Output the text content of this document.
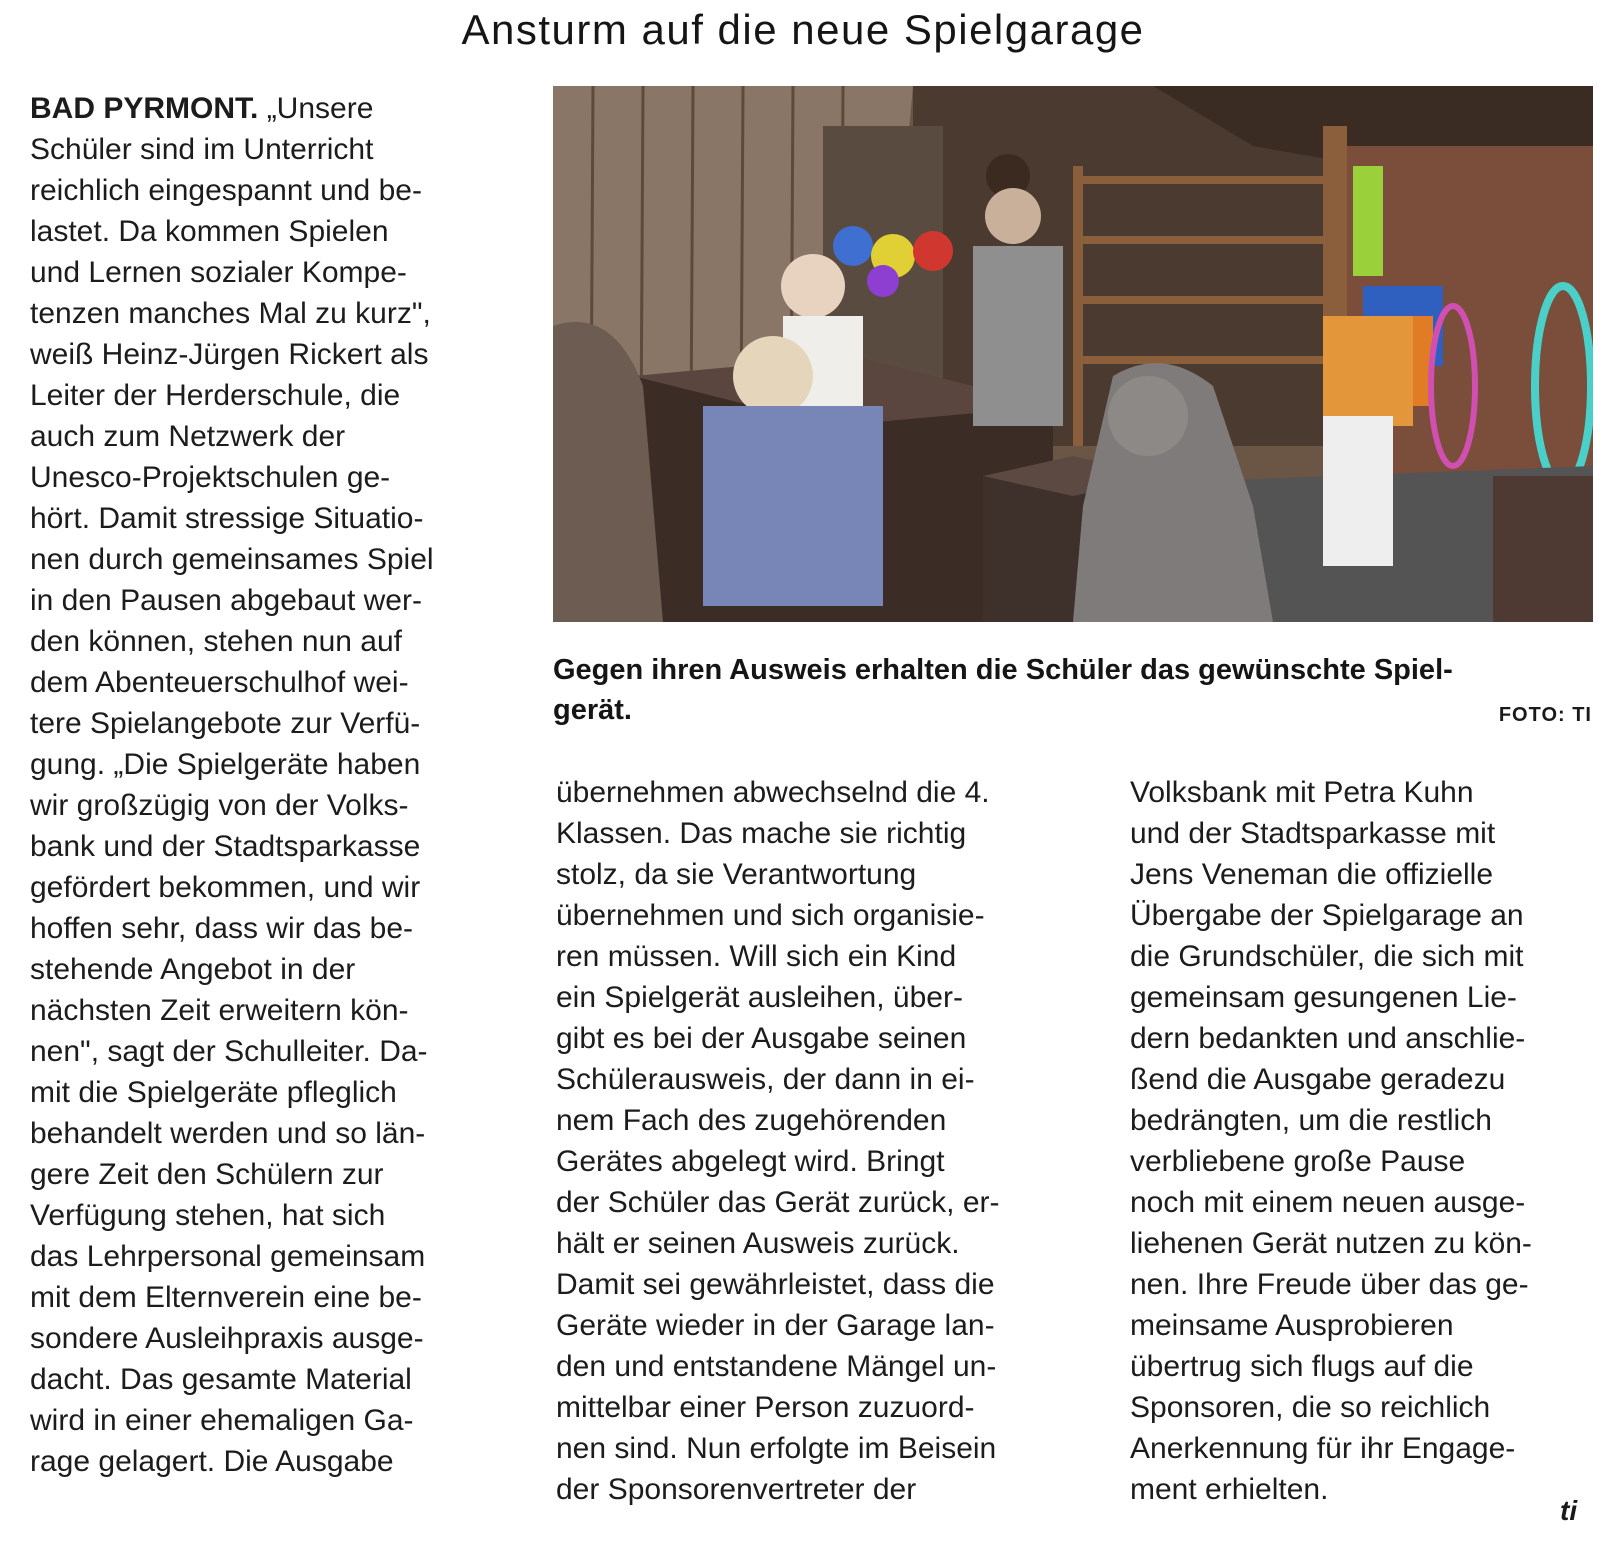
Ansturm auf die neue Spielgarage
BAD PYRMONT. „Unsere
Schüler sind im Unterricht
reichlich eingespannt und be-
lastet. Da kommen Spielen
und Lernen sozialer Kompe-
tenzen manches Mal zu kurz",
weiß Heinz-Jürgen Rickert als
Leiter der Herderschule, die
auch zum Netzwerk der
Unesco-Projektschulen ge-
hört. Damit stressige Situatio-
nen durch gemeinsames Spiel
in den Pausen abgebaut wer-
den können, stehen nun auf
dem Abenteuerschulhof wei-
tere Spielangebote zur Verfü-
gung. „Die Spielgeräte haben
wir großzügig von der Volks-
bank und der Stadtsparkasse
gefördert bekommen, und wir
hoffen sehr, dass wir das be-
stehende Angebot in der
nächsten Zeit erweitern kön-
nen", sagt der Schulleiter. Da-
mit die Spielgeräte pfleglich
behandelt werden und so län-
gere Zeit den Schülern zur
Verfügung stehen, hat sich
das Lehrpersonal gemeinsam
mit dem Elternverein eine be-
sondere Ausleihpraxis ausge-
dacht. Das gesamte Material
wird in einer ehemaligen Ga-
rage gelagert. Die Ausgabe
Gegen ihren Ausweis erhalten die Schüler das gewünschte Spiel-
gerät.	FOTO: TI
übernehmen abwechselnd die 4.
Klassen. Das mache sie richtig
stolz, da sie Verantwortung
übernehmen und sich organisie-
ren müssen. Will sich ein Kind
ein Spielgerät ausleihen, über-
gibt es bei der Ausgabe seinen
Schülerausweis, der dann in ei-
nem Fach des zugehörenden
Gerätes abgelegt wird. Bringt
der Schüler das Gerät zurück, er-
hält er seinen Ausweis zurück.
Damit sei gewährleistet, dass die
Geräte wieder in der Garage lan-
den und entstandene Mängel un-
mittelbar einer Person zuzuord-
nen sind. Nun erfolgte im Beisein
der Sponsorenvertreter der
Volksbank mit Petra Kuhn
und der Stadtsparkasse mit
Jens Veneman die offizielle
Übergabe der Spielgarage an
die Grundschüler, die sich mit
gemeinsam gesungenen Lie-
dern bedankten und anschlie-
ßend die Ausgabe geradezu
bedrängten, um die restlich
verbliebene große Pause
noch mit einem neuen ausge-
liehenen Gerät nutzen zu kön-
nen. Ihre Freude über das ge-
meinsame Ausprobieren
übertrug sich flugs auf die
Sponsoren, die so reichlich
Anerkennung für ihr Engage-
ment erhielten.
ti
